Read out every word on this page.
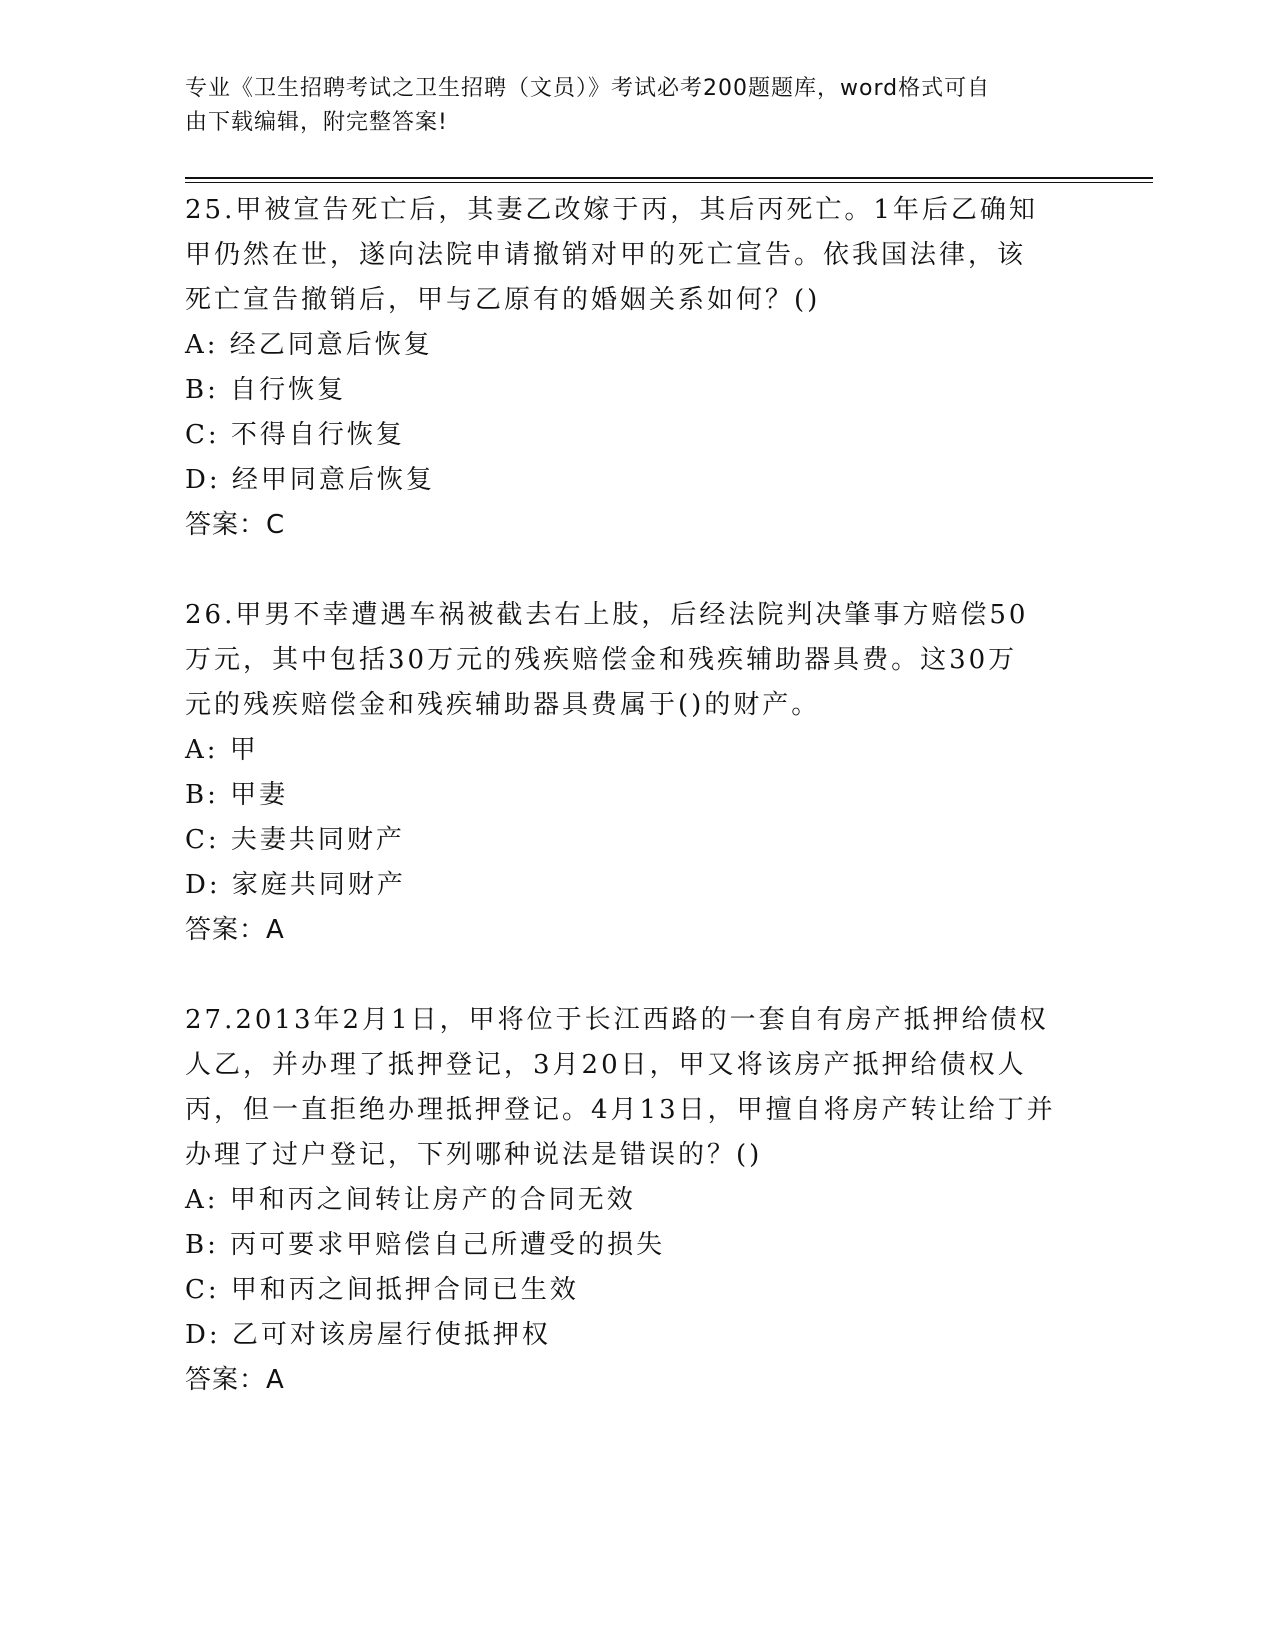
专业《卫生招聘考试之卫生招聘（文员）》考试必考200题题库，word格式可自
由下载编辑，附完整答案!

25.甲被宣告死亡后，其妻乙改嫁于丙，其后丙死亡。1年后乙确知甲仍然在世，遂向法院申请撤销对甲的死亡宣告。依我国法律，该死亡宣告撤销后，甲与乙原有的婚姻关系如何？()

A: 经乙同意后恢复

B: 自行恢复

C: 不得自行恢复

D: 经甲同意后恢复

答案：C

26.甲男不幸遭遇车祸被截去右上肢，后经法院判决肇事方赔偿50万元，其中包括30万元的残疾赔偿金和残疾辅助器具费。这30万元的残疾赔偿金和残疾辅助器具费属于()的财产。

A: 甲

B: 甲妻

C: 夫妻共同财产

D: 家庭共同财产

答案：A

27.2013年2月1日，甲将位于长江西路的一套自有房产抵押给债权人乙，并办理了抵押登记，3月20日，甲又将该房产抵押给债权人丙，但一直拒绝办理抵押登记。4月13日，甲擅自将房产转让给丁并办理了过户登记，下列哪种说法是错误的？()

A: 甲和丙之间转让房产的合同无效

B: 丙可要求甲赔偿自己所遭受的损失

C: 甲和丙之间抵押合同已生效

D: 乙可对该房屋行使抵押权

答案：A
